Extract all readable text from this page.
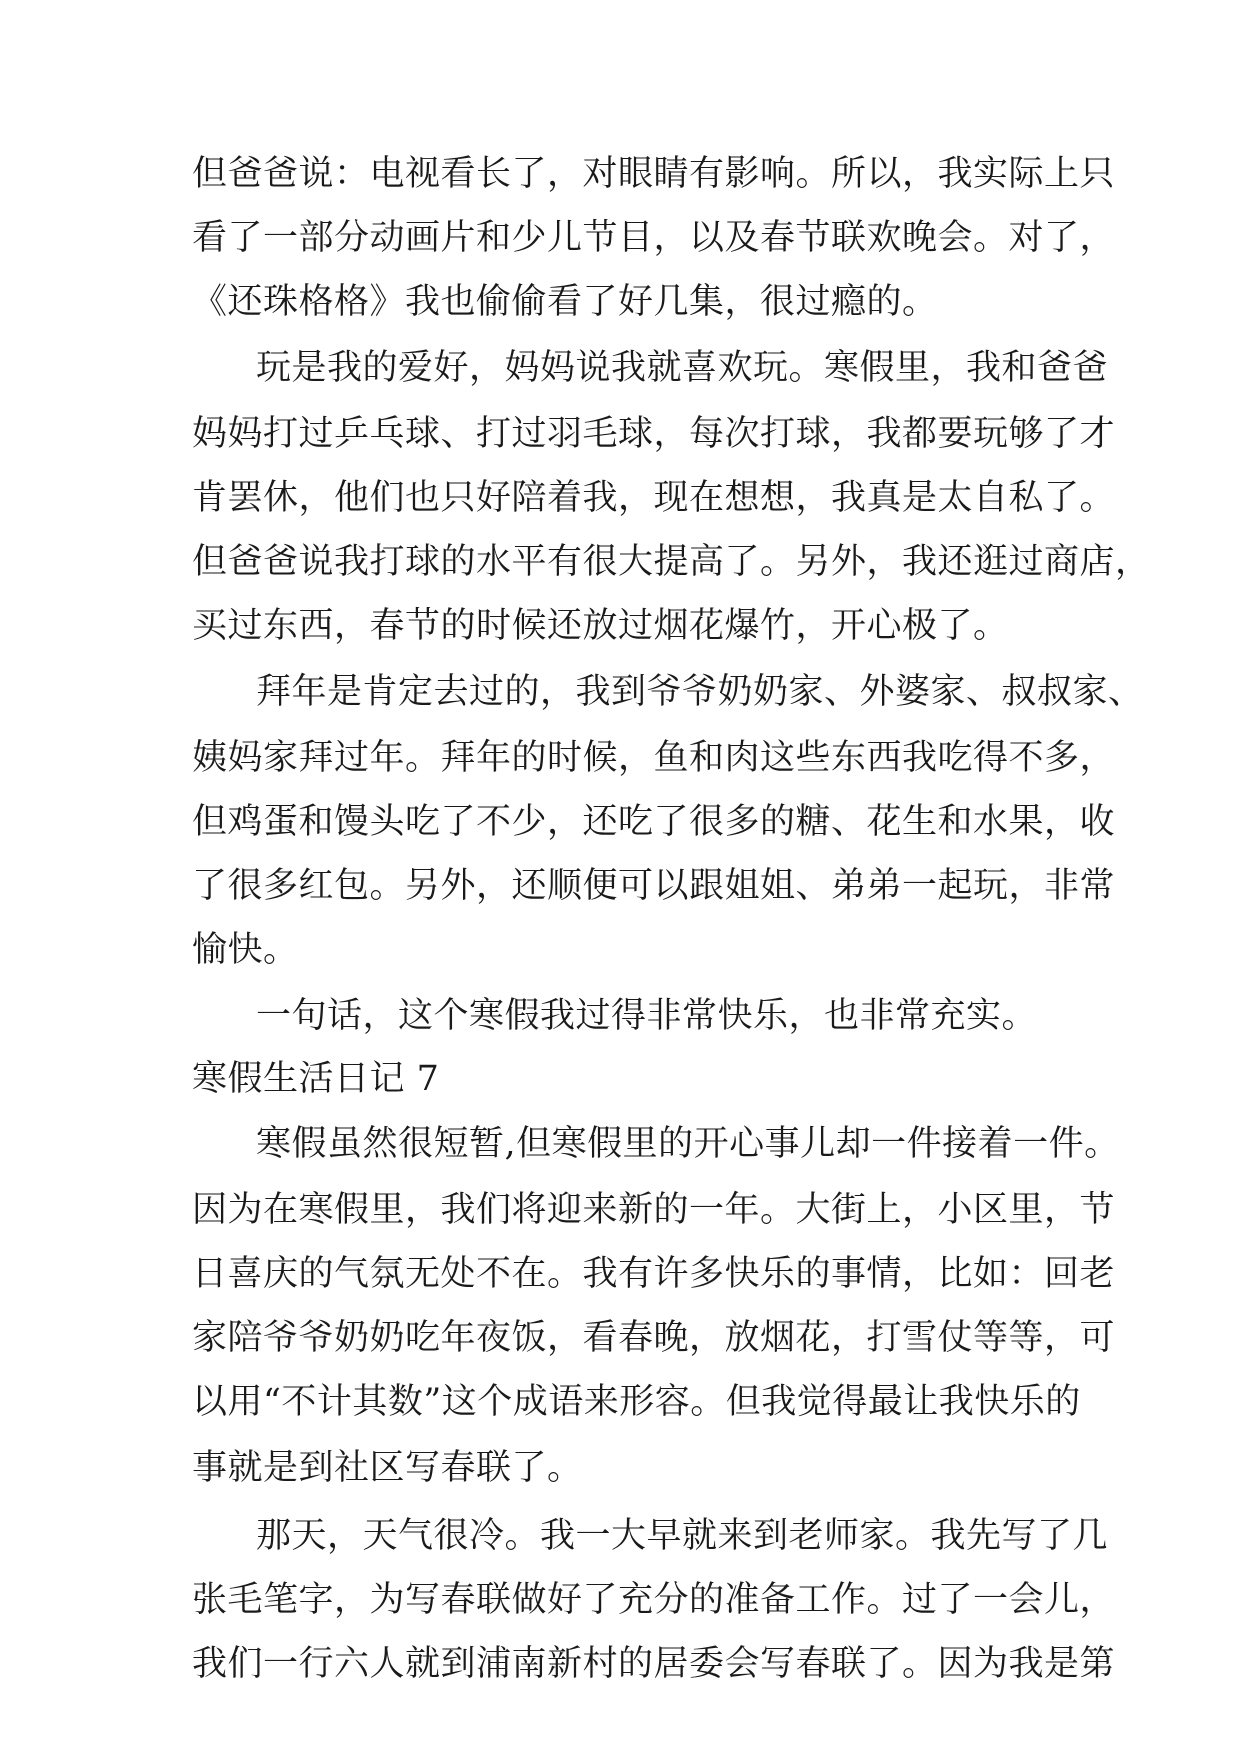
但爸爸说：电视看长了，对眼睛有影响。所以，我实际上只
看了一部分动画片和少儿节目，以及春节联欢晚会。对了，
《还珠格格》我也偷偷看了好几集，很过瘾的。
玩是我的爱好，妈妈说我就喜欢玩。寒假里，我和爸爸
妈妈打过乒乓球、打过羽毛球，每次打球，我都要玩够了才
肯罢休，他们也只好陪着我，现在想想，我真是太自私了。
但爸爸说我打球的水平有很大提高了。另外，我还逛过商店，
买过东西，春节的时候还放过烟花爆竹，开心极了。
拜年是肯定去过的，我到爷爷奶奶家、外婆家、叔叔家、
姨妈家拜过年。拜年的时候，鱼和肉这些东西我吃得不多，
但鸡蛋和馒头吃了不少，还吃了很多的糖、花生和水果，收
了很多红包。另外，还顺便可以跟姐姐、弟弟一起玩，非常
愉快。
一句话，这个寒假我过得非常快乐，也非常充实。
寒假生活日记 7
寒假虽然很短暂,但寒假里的开心事儿却一件接着一件。
因为在寒假里，我们将迎来新的一年。大街上，小区里，节
日喜庆的气氛无处不在。我有许多快乐的事情，比如：回老
家陪爷爷奶奶吃年夜饭，看春晚，放烟花，打雪仗等等，可
以用“不计其数”这个成语来形容。但我觉得最让我快乐的
事就是到社区写春联了。
那天，天气很冷。我一大早就来到老师家。我先写了几
张毛笔字，为写春联做好了充分的准备工作。过了一会儿，
我们一行六人就到浦南新村的居委会写春联了。因为我是第
